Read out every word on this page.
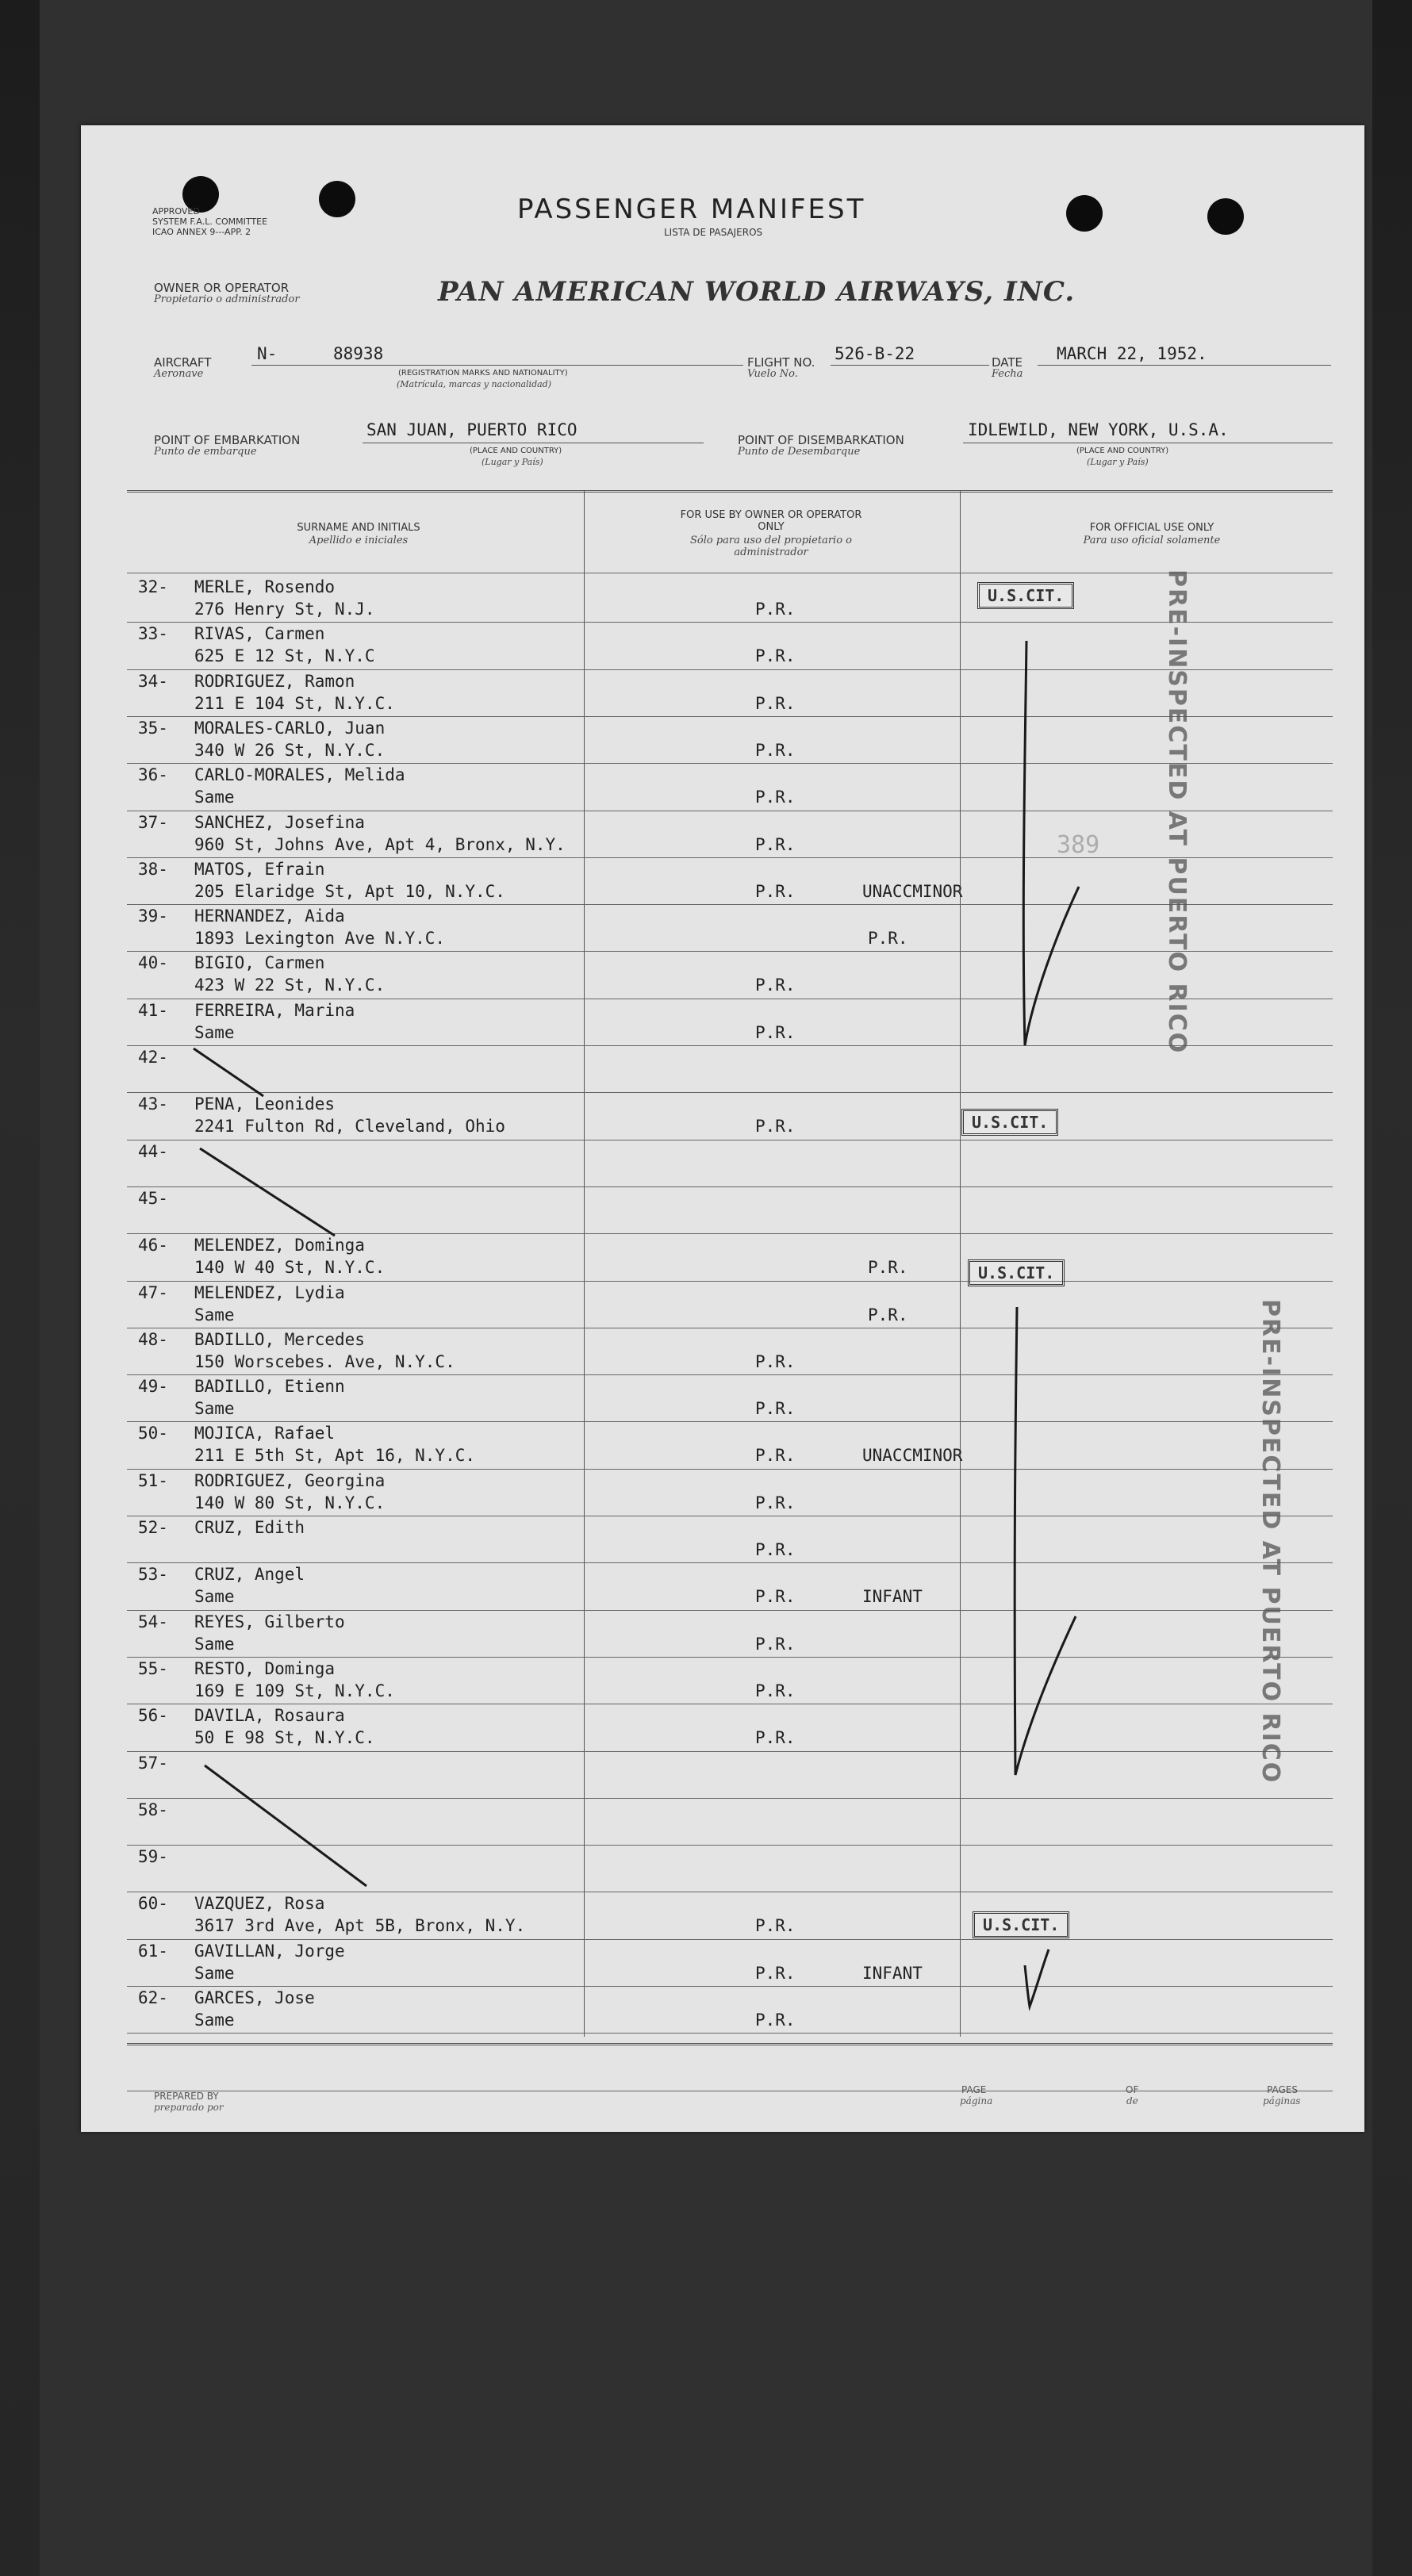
APPROVED
SYSTEM F.A.L. COMMITTEE
ICAO ANNEX 9---APP. 2
PASSENGER MANIFEST
LISTA DE PASAJEROS
OWNER OR OPERATOR
Propietario o administrador	PAN AMERICAN WORLD AIRWAYS, INC.
AIRCRAFT
Aeronave
N-	88938
(REGISTRATION MARKS AND NATIONALITY)
(Matrícula, marcas y nacionalidad)
FLIGHT NO.
Vuelo No.
526-B-22	DATE
Fecha
MARCH 22, 1952.
POINT OF EMBARKATION
Punto de embarque
SAN JUAN, PUERTO RICO
(PLACE AND COUNTRY)
(Lugar y País)
POINT OF DISEMBARKATION
Punto de Desembarque
IDLEWILD, NEW YORK, U.S.A.
(PLACE AND COUNTRY)
(Lugar y País)
SURNAME AND INITIALS
Apellido e iniciales
FOR USE BY OWNER OR OPERATOR ONLY
Sólo para uso del propietario o administrador
FOR OFFICIAL USE ONLY
Para uso oficial solamente
32- MERLE, Rosendo
276 Henry St, N.J.	P.R.
33- RIVAS, Carmen
625 E 12 St, N.Y.C	P.R.
34- RODRIGUEZ, Ramon
211 E 104 St, N.Y.C.	P.R.
35- MORALES-CARLO, Juan
340 W 26 St, N.Y.C.	P.R.
36- CARLO-MORALES, Melida
Same	P.R.
37- SANCHEZ, Josefina
960 St, Johns Ave, Apt 4, Bronx, N.Y.	P.R.
38- MATOS, Efrain
205 Elaridge St, Apt 10, N.Y.C.	P.R.	UNACCMINOR
39- HERNANDEZ, Aida
1893 Lexington Ave N.Y.C.	P.R.
40- BIGIO, Carmen
423 W 22 St, N.Y.C.	P.R.
41- FERREIRA, Marina
Same	P.R.
42-
43- PENA, Leonides
2241 Fulton Rd, Cleveland, Ohio	P.R.
44-
45-
46- MELENDEZ, Dominga
140 W 40 St, N.Y.C.	P.R.
47- MELENDEZ, Lydia
Same	P.R.
48- BADILLO, Mercedes
150 Worscebes. Ave, N.Y.C.	P.R.
49- BADILLO, Etienn
Same	P.R.
50- MOJICA, Rafael
211 E 5th St, Apt 16, N.Y.C.	P.R.	UNACCMINOR
51- RODRIGUEZ, Georgina
140 W 80 St, N.Y.C.	P.R.
52- CRUZ, Edith
P.R.
53- CRUZ, Angel
Same	P.R.	INFANT
54- REYES, Gilberto
Same	P.R.
55- RESTO, Dominga
169 E 109 St, N.Y.C.	P.R.
56- DAVILA, Rosaura
50 E 98 St, N.Y.C.	P.R.
57-
58-
59-
60- VAZQUEZ, Rosa
3617 3rd Ave, Apt 5B, Bronx, N.Y.	P.R.
61- GAVILLAN, Jorge
Same	P.R.	INFANT
62- GARCES, Jose
Same	P.R.
PREPARED BY
preparado por
PAGE
página
OF
de
PAGES
páginas
U.S.CIT.
U.S.CIT.
U.S.CIT.
U.S.CIT.
PRE-INSPECTED AT PUERTO RICO
PRE-INSPECTED AT PUERTO RICO
389
